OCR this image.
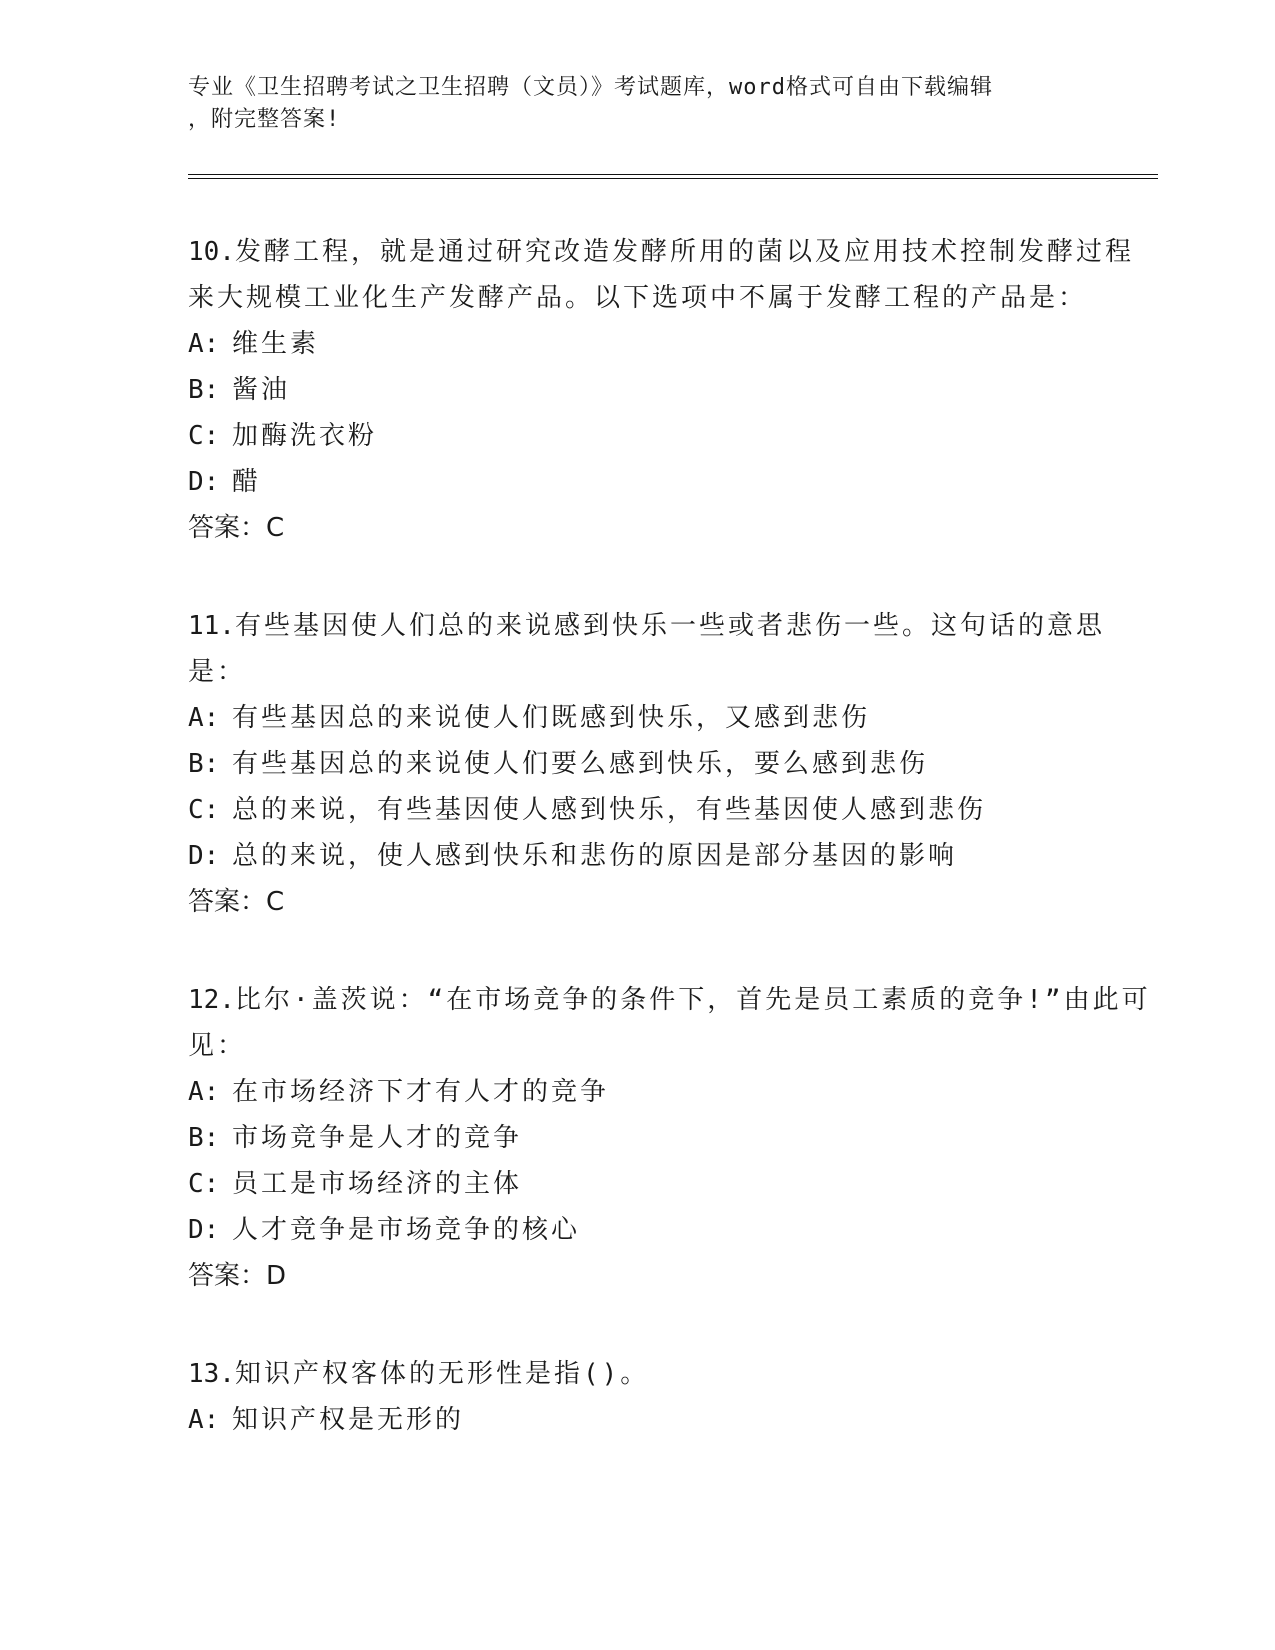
专业《卫生招聘考试之卫生招聘（文员）》考试题库，word格式可自由下载编辑
，附完整答案!

10.发酵工程，就是通过研究改造发酵所用的菌以及应用技术控制发酵过程来大规模工业化生产发酵产品。以下选项中不属于发酵工程的产品是：

A: 维生素
B: 酱油
C: 加酶洗衣粉
D: 醋

答案：C

11.有些基因使人们总的来说感到快乐一些或者悲伤一些。这句话的意思是：

A: 有些基因总的来说使人们既感到快乐，又感到悲伤
B: 有些基因总的来说使人们要么感到快乐，要么感到悲伤
C: 总的来说，有些基因使人感到快乐，有些基因使人感到悲伤
D: 总的来说，使人感到快乐和悲伤的原因是部分基因的影响

答案：C

12.比尔·盖茨说：“在市场竞争的条件下，首先是员工素质的竞争!”由此可见：

A: 在市场经济下才有人才的竞争
B: 市场竞争是人才的竞争
C: 员工是市场经济的主体
D: 人才竞争是市场竞争的核心

答案：D

13.知识产权客体的无形性是指()。

A: 知识产权是无形的
